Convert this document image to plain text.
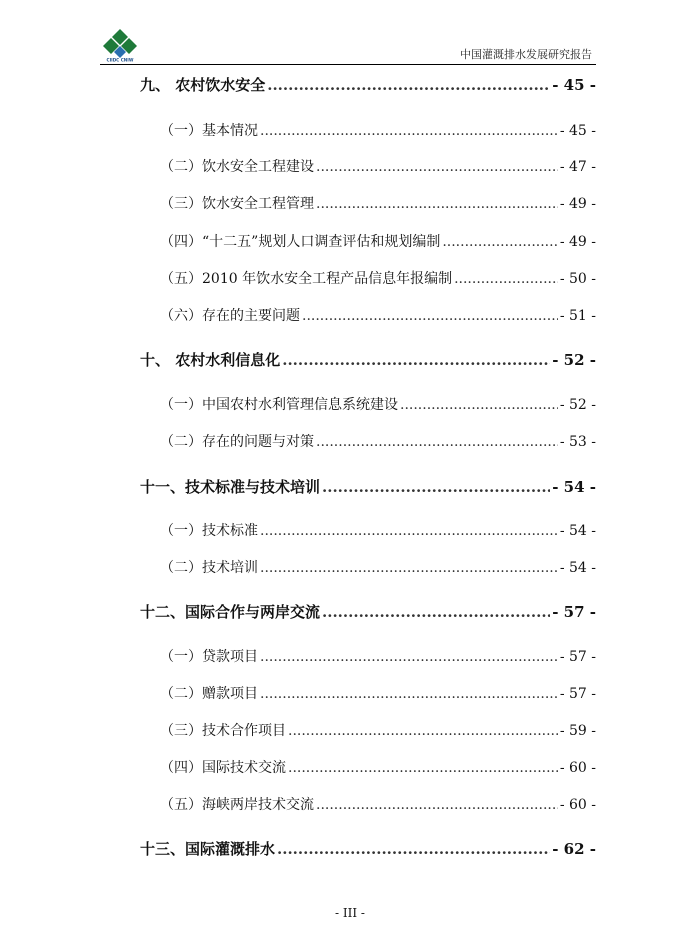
CIIDC CNIW	中国灌溉排水发展研究报告
九、 农村饮水安全 .....	- 45 -
（一）基本情况 .....	- 45 -
（二）饮水安全工程建设 .....	- 47 -
（三）饮水安全工程管理 .....	- 49 -
（四）“十二五”规划人口调查评估和规划编制 .....	- 49 -
（五）2010 年饮水安全工程产品信息年报编制 .....	- 50 -
（六）存在的主要问题 .....	- 51 -
十、 农村水利信息化 .....	- 52 -
（一）中国农村水利管理信息系统建设 .....	- 52 -
（二）存在的问题与对策 .....	- 53 -
十一、技术标准与技术培训 .....	- 54 -
（一）技术标准 .....	- 54 -
（二）技术培训 .....	- 54 -
十二、国际合作与两岸交流 .....	- 57 -
（一）贷款项目 .....	- 57 -
（二）赠款项目 .....	- 57 -
（三）技术合作项目 .....	- 59 -
（四）国际技术交流 .....	- 60 -
（五）海峡两岸技术交流 .....	- 60 -
十三、国际灌溉排水 .....	- 62 -
- III -
